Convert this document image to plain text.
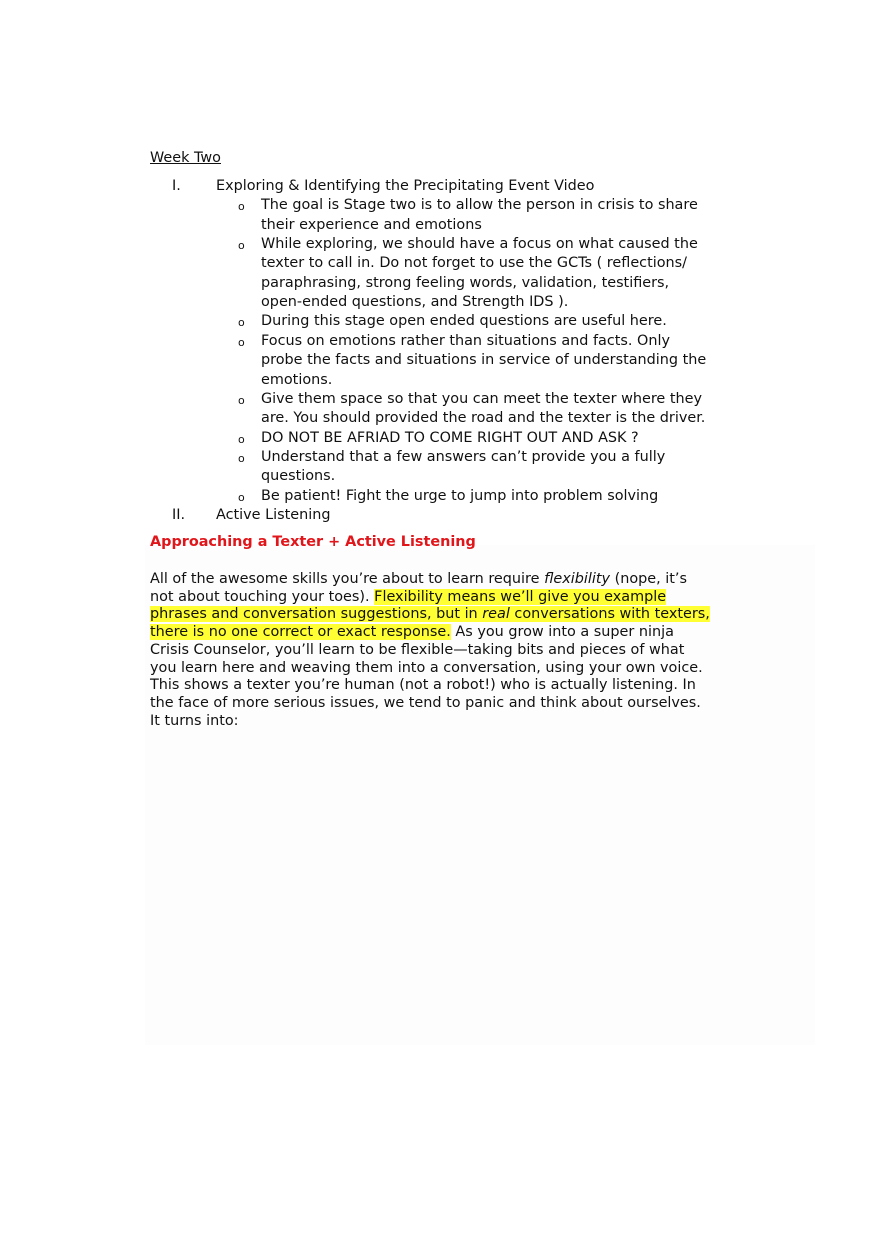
Week Two
I. Exploring & Identifying the Precipitating Event Video
o The goal is Stage two is to allow the person in crisis to share
their experience and emotions
o While exploring, we should have a focus on what caused the
texter to call in. Do not forget to use the GCTs ( reflections/
paraphrasing, strong feeling words, validation, testifiers,
open-ended questions, and Strength IDS ).
o During this stage open ended questions are useful here.
o Focus on emotions rather than situations and facts. Only
probe the facts and situations in service of understanding the
emotions.
o Give them space so that you can meet the texter where they
are. You should provided the road and the texter is the driver.
o DO NOT BE AFRIAD TO COME RIGHT OUT AND ASK ?
o Understand that a few answers can’t provide you a fully
questions.
o Be patient! Fight the urge to jump into problem solving
II. Active Listening
Approaching a Texter + Active Listening
All of the awesome skills you’re about to learn require flexibility (nope, it’s
not about touching your toes). Flexibility means we’ll give you example
phrases and conversation suggestions, but in real conversations with texters,
there is no one correct or exact response. As you grow into a super ninja
Crisis Counselor, you’ll learn to be flexible—taking bits and pieces of what
you learn here and weaving them into a conversation, using your own voice.
This shows a texter you’re human (not a robot!) who is actually listening. In
the face of more serious issues, we tend to panic and think about ourselves.
It turns into:
